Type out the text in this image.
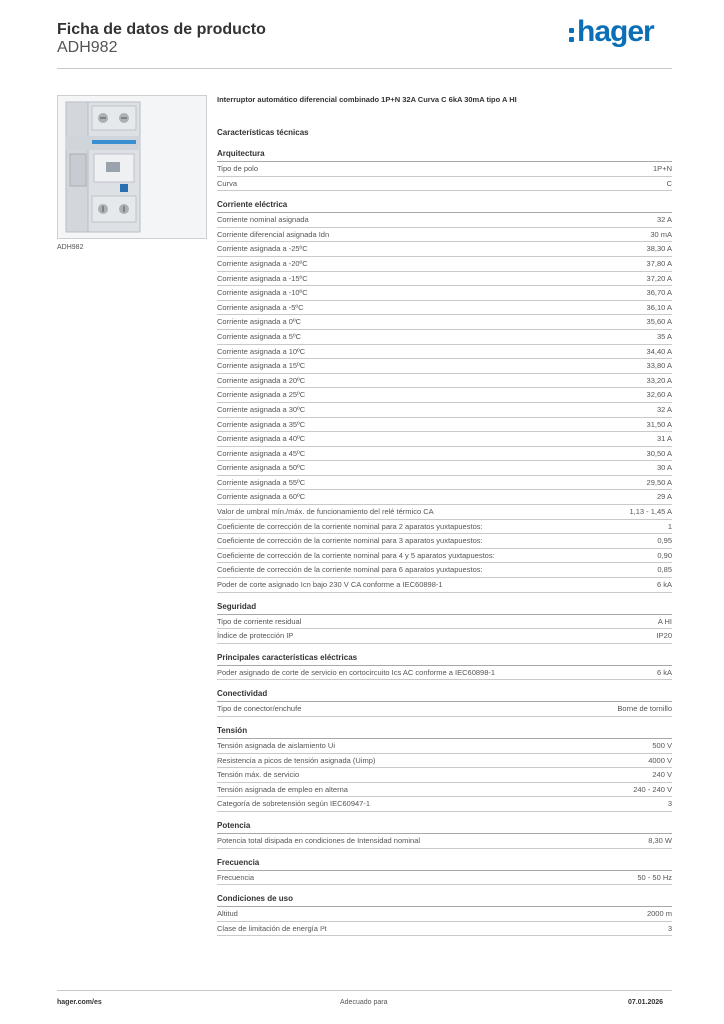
Ficha de datos de producto
ADH982	hager
ADH982

Interruptor automático diferencial combinado 1P+N 32A Curva C 6kA 30mA tipo A HI

Características técnicas
Arquitectura
Tipo de polo	1P+N
Curva	C
Corriente eléctrica
Corriente nominal asignada	32 A
Corriente diferencial asignada Idn	30 mA
Corriente asignada a -25ºC	38,30 A
Corriente asignada a -20ºC	37,80 A
Corriente asignada a -15ºC	37,20 A
Corriente asignada a -10ºC	36,70 A
Corriente asignada a -5ºC	36,10 A
Corriente asignada a 0ºC	35,60 A
Corriente asignada a 5ºC	35 A
Corriente asignada a 10ºC	34,40 A
Corriente asignada a 15ºC	33,80 A
Corriente asignada a 20ºC	33,20 A
Corriente asignada a 25ºC	32,60 A
Corriente asignada a 30ºC	32 A
Corriente asignada a 35ºC	31,50 A
Corriente asignada a 40ºC	31 A
Corriente asignada a 45ºC	30,50 A
Corriente asignada a 50ºC	30 A
Corriente asignada a 55ºC	29,50 A
Corriente asignada a 60ºC	29 A
Valor de umbral mín./máx. de funcionamiento del relé térmico CA	1,13 - 1,45 A
Coeficiente de corrección de la corriente nominal para 2 aparatos yuxtapuestos:	1
Coeficiente de corrección de la corriente nominal para 3 aparatos yuxtapuestos:	0,95
Coeficiente de corrección de la corriente nominal para 4 y 5 aparatos yuxtapuestos:	0,90
Coeficiente de corrección de la corriente nominal para 6 aparatos yuxtapuestos:	0,85
Poder de corte asignado Icn bajo 230 V CA conforme a IEC60898-1	6 kA
Seguridad
Tipo de corriente residual	A HI
Índice de protección IP	IP20
Principales características eléctricas
Poder asignado de corte de servicio en cortocircuito Ics AC conforme a IEC60898-1	6 kA
Conectividad
Tipo de conector/enchufe	Borne de tornillo
Tensión
Tensión asignada de aislamiento Ui	500 V
Resistencia a picos de tensión asignada (Uimp)	4000 V
Tensión máx. de servicio	240 V
Tensión asignada de empleo en alterna	240 - 240 V
Categoría de sobretensión según IEC60947-1	3
Potencia
Potencia total disipada en condiciones de Intensidad nominal	8,30 W
Frecuencia
Frecuencia	50 - 50 Hz
Condiciones de uso
Altitud	2000 m
Clase de limitación de energía I²t	3
hager.com/es	Adecuado para	07.01.2026
